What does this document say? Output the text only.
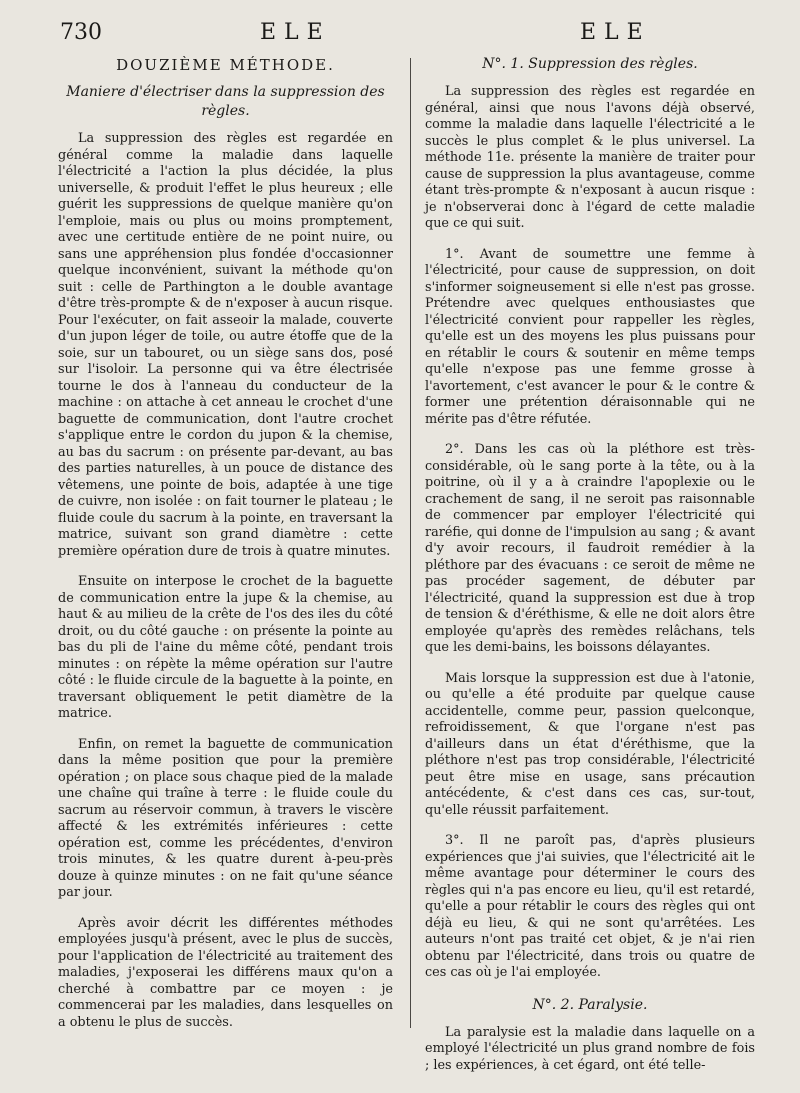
730	ELE	ELE
DOUZIÈME MÉTHODE.
Maniere d'électriser dans la suppression des règles.

La suppression des règles est regardée en général comme la maladie dans laquelle l'électricité a l'action la plus décidée, la plus universelle, & produit l'effet le plus heureux ; elle guérit les suppressions de quelque manière qu'on l'emploie, mais ou plus ou moins promptement, avec une certitude entière de ne point nuire, ou sans une appréhension plus fondée d'occasionner quelque inconvénient, suivant la méthode qu'on suit : celle de Parthington a le double avantage d'être très-prompte & de n'exposer à aucun risque. Pour l'exécuter, on fait asseoir la malade, couverte d'un jupon léger de toile, ou autre étoffe que de la soie, sur un tabouret, ou un siège sans dos, posé sur l'isoloir. La personne qui va être électrisée tourne le dos à l'anneau du conducteur de la machine : on attache à cet anneau le crochet d'une baguette de communication, dont l'autre crochet s'applique entre le cordon du jupon & la chemise, au bas du sacrum : on présente par-devant, au bas des parties naturelles, à un pouce de distance des vêtemens, une pointe de bois, adaptée à une tige de cuivre, non isolée : on fait tourner le plateau ; le fluide coule du sacrum à la pointe, en traversant la matrice, suivant son grand diamètre : cette première opération dure de trois à quatre minutes.

Ensuite on interpose le crochet de la baguette de communication entre la jupe & la chemise, au haut & au milieu de la crête de l'os des iles du côté droit, ou du côté gauche : on présente la pointe au bas du pli de l'aine du même côté, pendant trois minutes : on répète la même opération sur l'autre côté : le fluide circule de la baguette à la pointe, en traversant obliquement le petit diamètre de la matrice.

Enfin, on remet la baguette de communication dans la même position que pour la première opération ; on place sous chaque pied de la malade une chaîne qui traîne à terre : le fluide coule du sacrum au réservoir commun, à travers le viscère affecté & les extrémités inférieures : cette opération est, comme les précédentes, d'environ trois minutes, & les quatre durent à-peu-près douze à quinze minutes : on ne fait qu'une séance par jour.

Après avoir décrit les différentes méthodes employées jusqu'à présent, avec le plus de succès, pour l'application de l'électricité au traitement des maladies, j'exposerai les différens maux qu'on a cherché à combattre par ce moyen : je commencerai par les maladies, dans lesquelles on a obtenu le plus de succès.

N°. 1. Suppression des règles.

La suppression des règles est regardée en général, ainsi que nous l'avons déjà observé, comme la maladie dans laquelle l'électricité a le succès le plus complet & le plus universel. La méthode 11e. présente la manière de traiter pour cause de suppression la plus avantageuse, comme étant très-prompte & n'exposant à aucun risque : je n'observerai donc à l'égard de cette maladie que ce qui suit.

1°. Avant de soumettre une femme à l'électricité, pour cause de suppression, on doit s'informer soigneusement si elle n'est pas grosse. Prétendre avec quelques enthousiastes que l'électricité convient pour rappeller les règles, qu'elle est un des moyens les plus puissans pour en rétablir le cours & soutenir en même temps qu'elle n'expose pas une femme grosse à l'avortement, c'est avancer le pour & le contre & former une prétention déraisonnable qui ne mérite pas d'être réfutée.

2°. Dans les cas où la pléthore est très-considérable, où le sang porte à la tête, ou à la poitrine, où il y a à craindre l'apoplexie ou le crachement de sang, il ne seroit pas raisonnable de commencer par employer l'électricité qui raréfie, qui donne de l'impulsion au sang ; & avant d'y avoir recours, il faudroit remédier à la pléthore par des évacuans : ce seroit de même ne pas procéder sagement, de débuter par l'électricité, quand la suppression est due à trop de tension & d'éréthisme, & elle ne doit alors être employée qu'après des remèdes relâchans, tels que les demi-bains, les boissons délayantes.

Mais lorsque la suppression est due à l'atonie, ou qu'elle a été produite par quelque cause accidentelle, comme peur, passion quelconque, refroidissement, & que l'organe n'est pas d'ailleurs dans un état d'éréthisme, que la pléthore n'est pas trop considérable, l'électricité peut être mise en usage, sans précaution antécédente, & c'est dans ces cas, sur-tout, qu'elle réussit parfaitement.

3°. Il ne paroît pas, d'après plusieurs expériences que j'ai suivies, que l'électricité ait le même avantage pour déterminer le cours des règles qui n'a pas encore eu lieu, qu'il est retardé, qu'elle a pour rétablir le cours des règles qui ont déjà eu lieu, & qui ne sont qu'arrêtées. Les auteurs n'ont pas traité cet objet, & je n'ai rien obtenu par l'électricité, dans trois ou quatre de ces cas où je l'ai employée.

N°. 2. Paralysie.

La paralysie est la maladie dans laquelle on a employé l'électricité un plus grand nombre de fois ; les expériences, à cet égard, ont été telle-
